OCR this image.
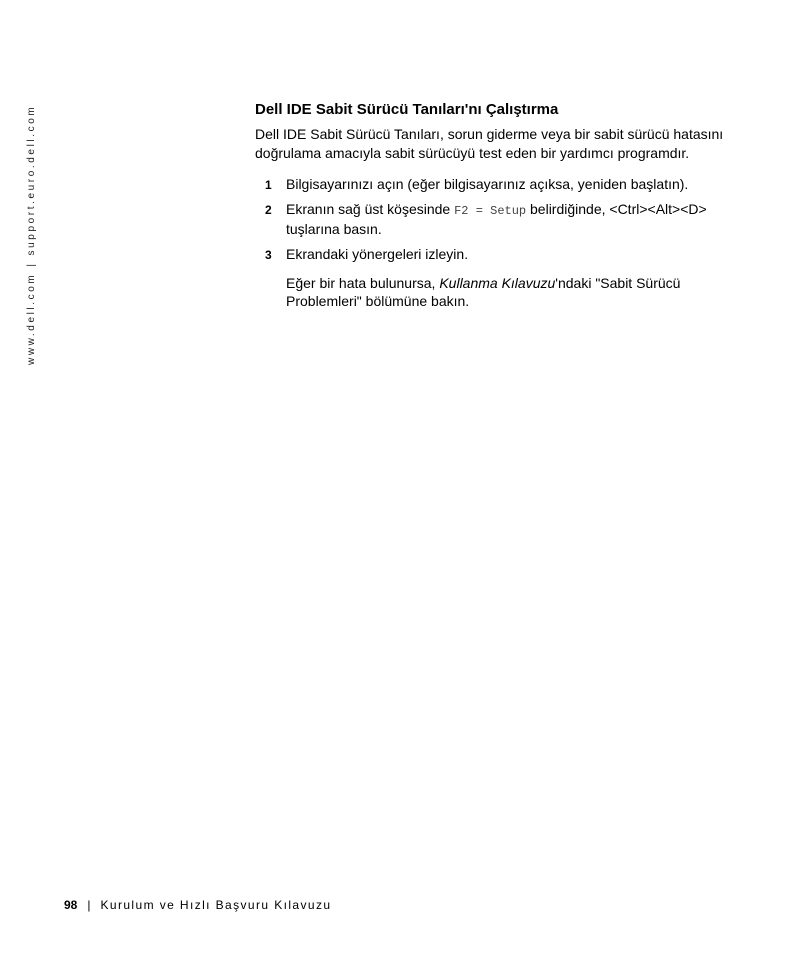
www.dell.com|support.euro.dell.com	Dell IDE Sabit Sürücü Tanıları'nı Çalıştırma

Dell IDE Sabit Sürücü Tanıları, sorun giderme veya bir sabit sürücü hatasını doğrulama amacıyla sabit sürücüyü test eden bir yardımcı programdır.

1 Bilgisayarınızı açın (eğer bilgisayarınız açıksa, yeniden başlatın).
2 Ekranın sağ üst köşesinde F2 = Setup belirdiğinde, <Ctrl><Alt><D> tuşlarına basın.
3 Ekrandaki yönergeleri izleyin.
Eğer bir hata bulunursa, Kullanma Kılavuzu'ndaki "Sabit Sürücü Problemleri" bölümüne bakın.
98 | Kurulum ve Hızlı Başvuru Kılavuzu
